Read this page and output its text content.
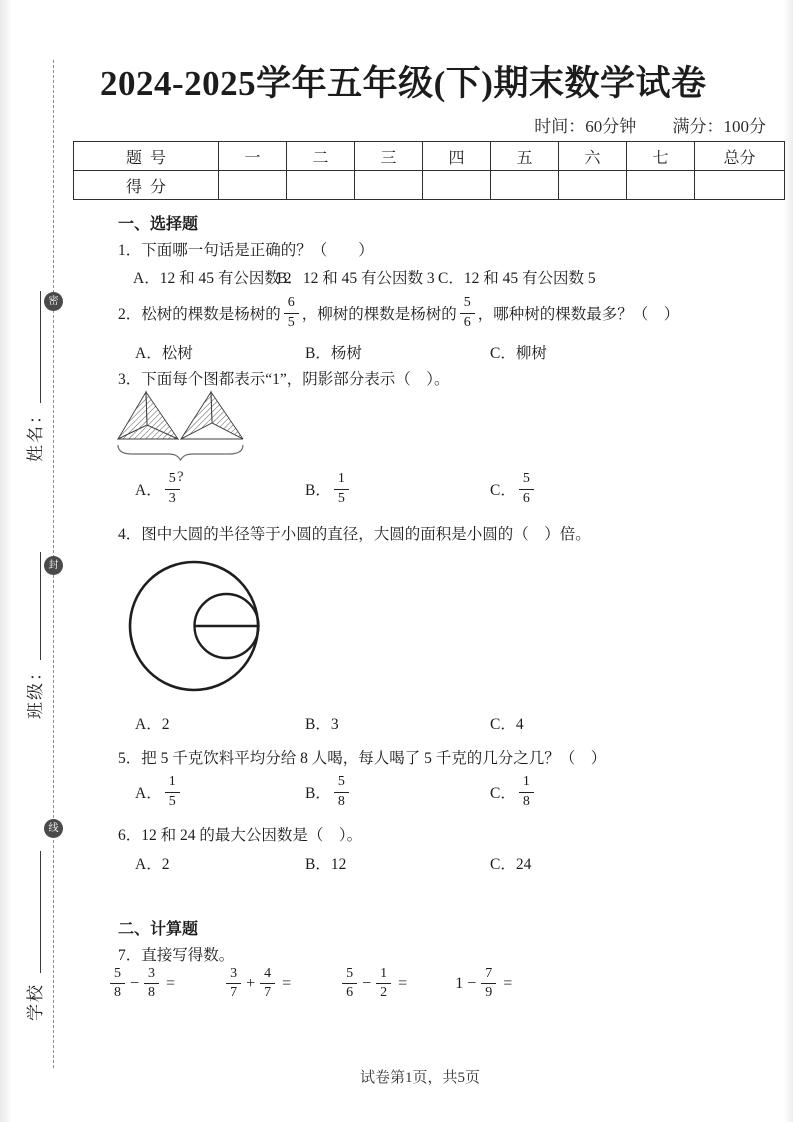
密
封
线
姓名：
班级：
学校
2024-2025学年五年级(下)期末数学试卷
时间：60分钟 满分：100分
题号	一	二	三	四	五	六	七	总分
得分								
一、选择题
1．下面哪一句话是正确的？（　　）
A．12 和 45 有公因数 2
B．12 和 45 有公因数 3 C．12 和 45 有公因数 5
2．松树的棵数是杨树的 $\frac{6}{5}$ ，柳树的棵数是杨树的 $\frac{5}{6}$ ，哪种树的棵数最多？（　）
A．松树	B．杨树	C．柳树
3．下面每个图都表示“1”，阴影部分表示（　）。
?
A． $\frac{5}{3}$	B． $\frac{1}{5}$	C． $\frac{5}{6}$
4．图中大圆的半径等于小圆的直径，大圆的面积是小圆的（　）倍。
A．2	B．3	C．4
5．把 5 千克饮料平均分给 8 人喝，每人喝了 5 千克的几分之几？（　）
A． $\frac{1}{5}$	B． $\frac{5}{8}$	C． $\frac{1}{8}$
6．12 和 24 的最大公因数是（　）。
A．2	B．12	C．24
二、计算题
7．直接写得数。
$\frac{5}{8} - \frac{3}{8}$ =	$\frac{3}{7} + \frac{4}{7}$ =	$\frac{5}{6} - \frac{1}{2}$ =	$1 - \frac{7}{9}$ =
试卷第1页，共5页
